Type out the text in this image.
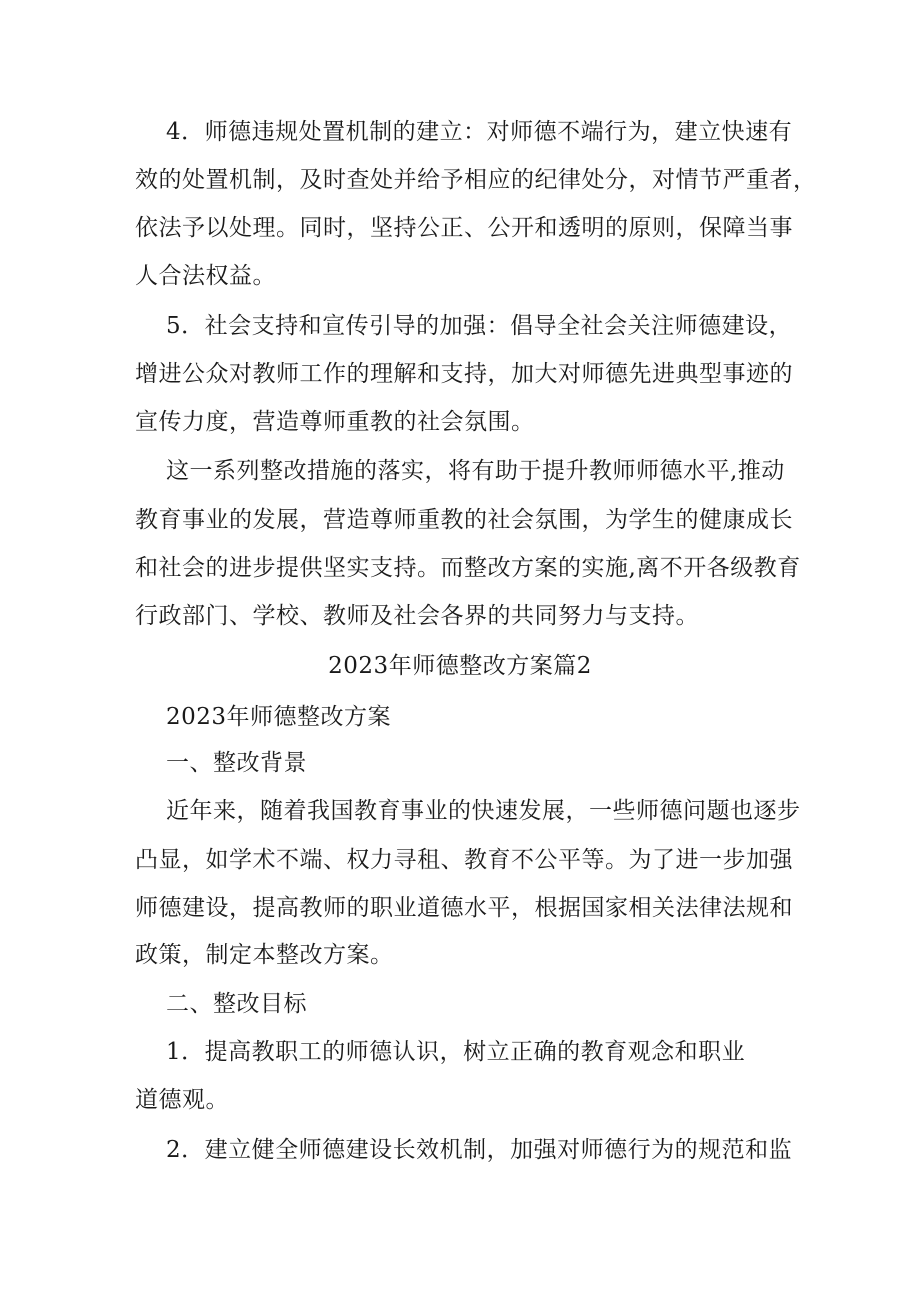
4．师德违规处置机制的建立：对师德不端行为，建立快速有
效的处置机制，及时查处并给予相应的纪律处分，对情节严重者，
依法予以处理。同时，坚持公正、公开和透明的原则，保障当事
人合法权益。
5．社会支持和宣传引导的加强：倡导全社会关注师德建设，
增进公众对教师工作的理解和支持，加大对师德先进典型事迹的
宣传力度，营造尊师重教的社会氛围。
这一系列整改措施的落实，将有助于提升教师师德水平,推动
教育事业的发展，营造尊师重教的社会氛围，为学生的健康成长
和社会的进步提供坚实支持。而整改方案的实施,离不开各级教育
行政部门、学校、教师及社会各界的共同努力与支持。
2023年师德整改方案篇2
2023年师德整改方案
一、整改背景
近年来，随着我国教育事业的快速发展，一些师德问题也逐步
凸显，如学术不端、权力寻租、教育不公平等。为了进一步加强
师德建设，提高教师的职业道德水平，根据国家相关法律法规和
政策，制定本整改方案。
二、整改目标
1．提高教职工的师德认识，树立正确的教育观念和职业
道德观。
2．建立健全师德建设长效机制，加强对师德行为的规范和监
